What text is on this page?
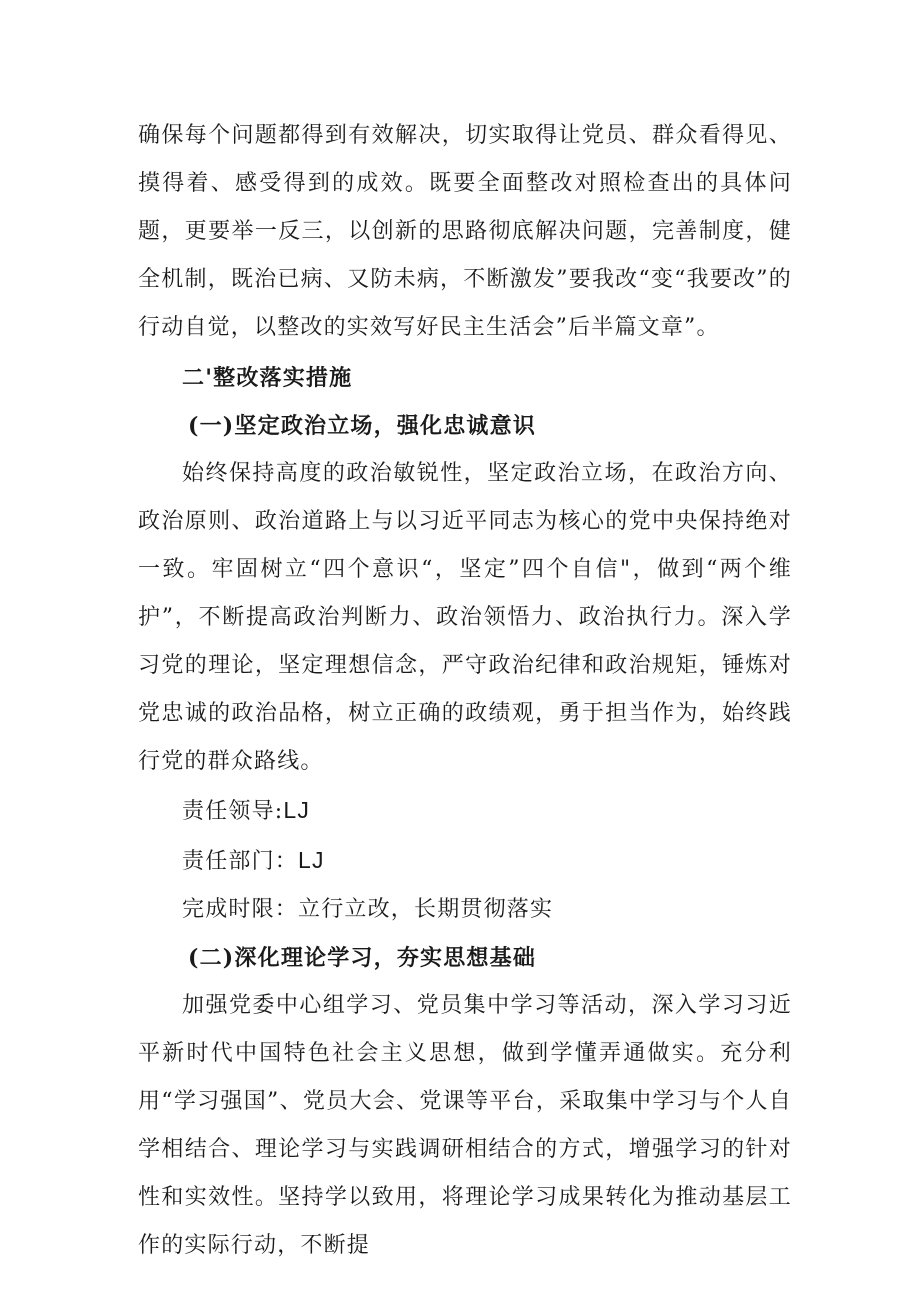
确保每个问题都得到有效解决，切实取得让党员、群众看得见、摸得着、感受得到的成效。既要全面整改对照检查出的具体问题，更要举一反三，以创新的思路彻底解决问题，完善制度，健全机制，既治已病、又防未病，不断激发”要我改“变“我要改”的行动自觉，以整改的实效写好民主生活会”后半篇文章”。

二'整改落实措施

(一)坚定政治立场，强化忠诚意识

始终保持高度的政治敏锐性，坚定政治立场，在政治方向、政治原则、政治道路上与以习近平同志为核心的党中央保持绝对一致。牢固树立“四个意识“，坚定”四个自信"，做到“两个维护”，不断提高政治判断力、政治领悟力、政治执行力。深入学习党的理论，坚定理想信念，严守政治纪律和政治规矩，锤炼对党忠诚的政治品格，树立正确的政绩观，勇于担当作为，始终践行党的群众路线。

责任领导:LJ

责任部门：LJ

完成时限：立行立改，长期贯彻落实

(二)深化理论学习，夯实思想基础

加强党委中心组学习、党员集中学习等活动，深入学习习近平新时代中国特色社会主义思想，做到学懂弄通做实。充分利用“学习强国”、党员大会、党课等平台，采取集中学习与个人自学相结合、理论学习与实践调研相结合的方式，增强学习的针对性和实效性。坚持学以致用，将理论学习成果转化为推动基层工作的实际行动，不断提
